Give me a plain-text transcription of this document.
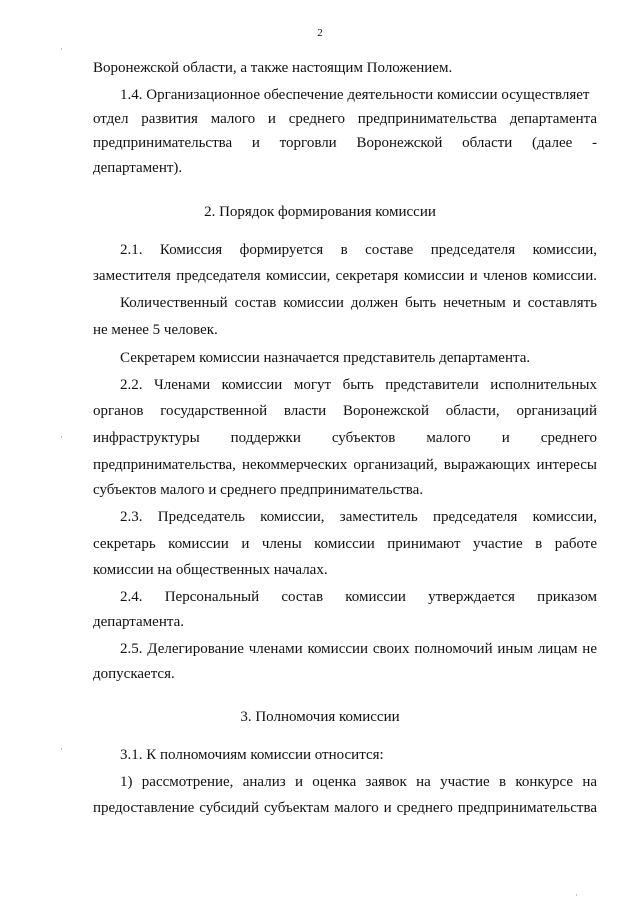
2
Воронежской области, а также настоящим Положением.
1.4. Организационное обеспечение деятельности комиссии осуществляет
отдел развития малого и среднего предпринимательства департамента
предпринимательства и торговли Воронежской области (далее -
департамент).
2. Порядок формирования комиссии
2.1. Комиссия формируется в составе председателя комиссии,
заместителя председателя комиссии, секретаря комиссии и членов комиссии.
Количественный состав комиссии должен быть нечетным и составлять
не менее 5 человек.
Секретарем комиссии назначается представитель департамента.
2.2. Членами комиссии могут быть представители исполнительных
органов государственной власти Воронежской области, организаций
инфраструктуры поддержки субъектов малого и среднего
предпринимательства, некоммерческих организаций, выражающих интересы
субъектов малого и среднего предпринимательства.
2.3. Председатель комиссии, заместитель председателя комиссии,
секретарь комиссии и члены комиссии принимают участие в работе
комиссии на общественных началах.
2.4. Персональный состав комиссии утверждается приказом
департамента.
2.5. Делегирование членами комиссии своих полномочий иным лицам не
допускается.
3. Полномочия комиссии
3.1. К полномочиям комиссии относится:
1) рассмотрение, анализ и оценка заявок на участие в конкурсе на
предоставление субсидий субъектам малого и среднего предпринимательства
·
·
·
·
